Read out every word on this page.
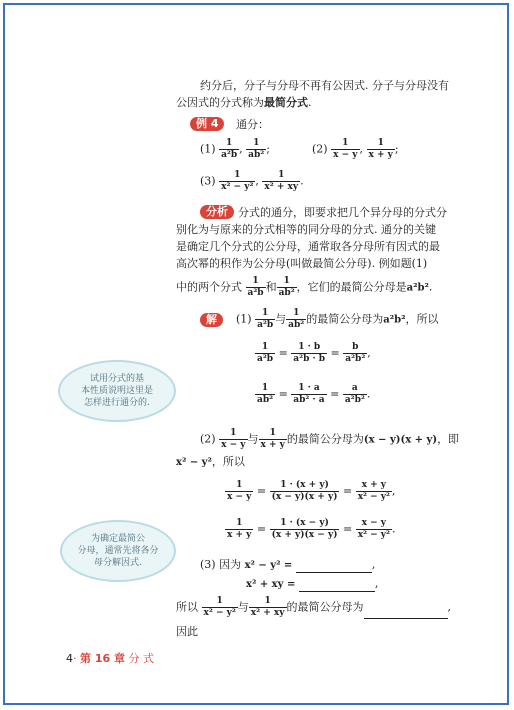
约分后，分子与分母不再有公因式. 分子与分母没有
公因式的分式称为最简分式.
例 4	通分：
$(1) \frac{1}{\text{a²b}}$ , $\frac{1}{\text{ab²}}$ ;	$(2) \frac{1}{x - y}$ , $\frac{1}{x + y}$ ;
$(3) \frac{1}{\text{x² − y²}}$ , $\frac{1}{\text{x² + xy}}$ .
分析 分式的通分，即要求把几个异分母的分式分
别化为与原来的分式相等的同分母的分式. 通分的关键
是确定几个分式的公分母，通常取各分母所有因式的最
高次幂的积作为公分母(叫做最简公分母). 例如题(1)
中的两个分式 $\frac{1}{\text{a²b}}$ 和 $\frac{1}{\text{ab²}}$ ，它们的最简公分母是a²b².
解	$(1) \frac{1}{\text{a²b}}$ 与 $\frac{1}{\text{ab²}}$ 的最简公分母为a²b²，所以
$\frac{1}{\text{a²b}} = \frac{1 \cdot b}{\text{a²b · b}} = \frac{b}{\text{a²b²}}$ ,
$\frac{1}{\text{ab²}} = \frac{1 \cdot a}{\text{ab² · a}} = \frac{a}{\text{a²b²}}$ .
$(2) \frac{1}{x - y}$ 与 $\frac{1}{x + y}$ 的最简公分母为(x − y)(x + y)，即
x² − y²，所以
$\frac{1}{x - y} = \frac{1 \cdot (x + y)}{(x - y)(x + y)} = \frac{x + y}{\text{x² − y²}}$ ,
$\frac{1}{x + y} = \frac{1 \cdot (x - y)}{(x + y)(x - y)} = \frac{x - y}{\text{x² − y²}}$ .
(3) 因为 x² − y² =	,
x² + xy =	,
所以 $\frac{1}{\text{x² − y²}}$ 与 $\frac{1}{\text{x² + xy}}$ 的最简公分母为	,
因此
试用分式的基
本性质说明这里是
怎样进行通分的.
为确定最简公
分母，通常先将各分
母分解因式.
4· 第 16 章 分 式
